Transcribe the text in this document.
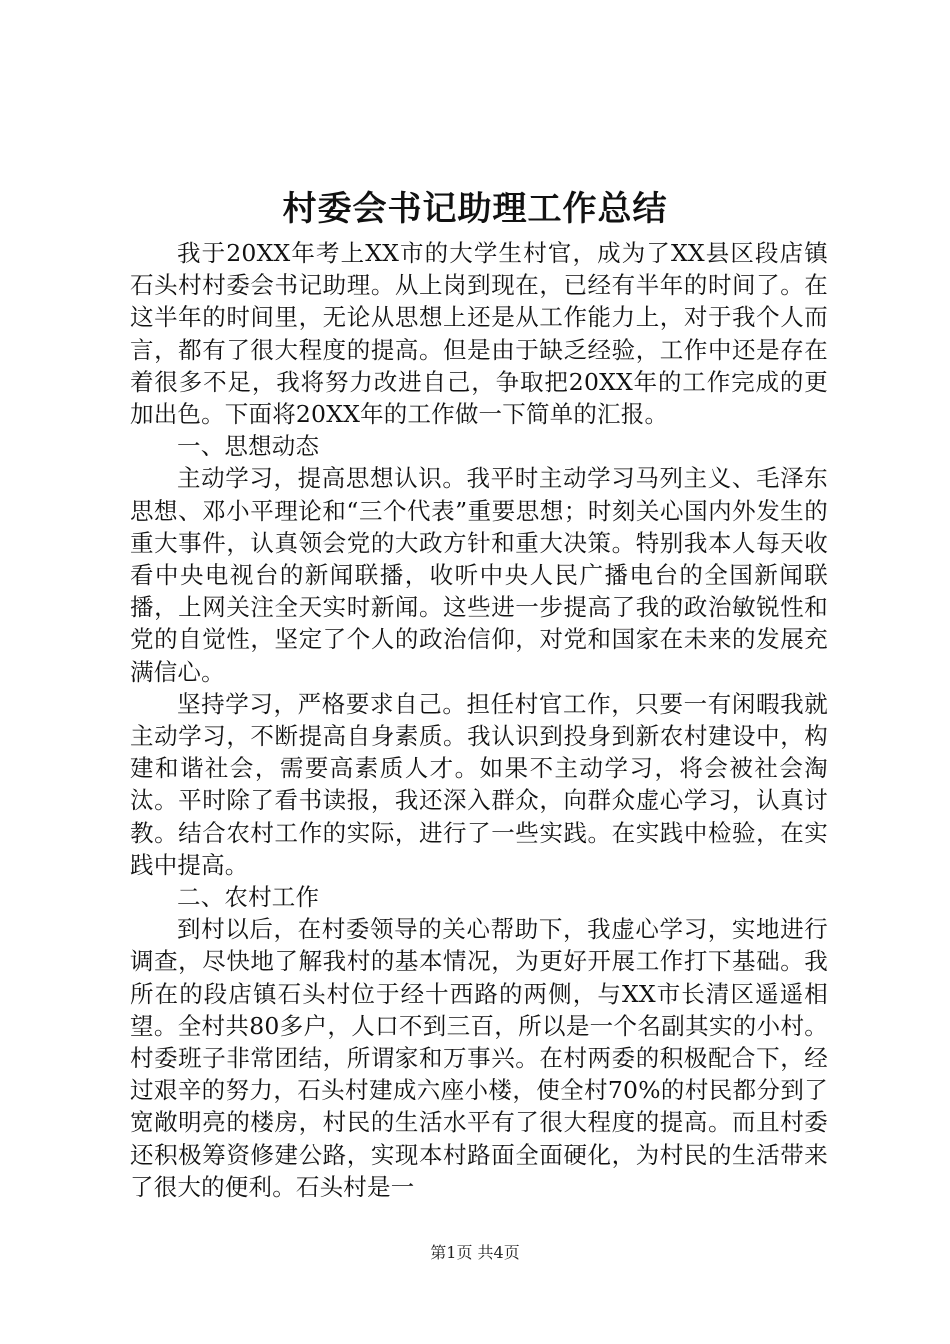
村委会书记助理工作总结

我于20XX年考上XX市的大学生村官，成为了XX县区段店镇石头村村委会书记助理。从上岗到现在，已经有半年的时间了。在这半年的时间里，无论从思想上还是从工作能力上，对于我个人而言，都有了很大程度的提高。但是由于缺乏经验，工作中还是存在着很多不足，我将努力改进自己，争取把20XX年的工作完成的更加出色。下面将20XX年的工作做一下简单的汇报。

一、思想动态

主动学习，提高思想认识。我平时主动学习马列主义、毛泽东思想、邓小平理论和“三个代表”重要思想；时刻关心国内外发生的重大事件，认真领会党的大政方针和重大决策。特别我本人每天收看中央电视台的新闻联播，收听中央人民广播电台的全国新闻联播，上网关注全天实时新闻。这些进一步提高了我的政治敏锐性和党的自觉性，坚定了个人的政治信仰，对党和国家在未来的发展充满信心。

坚持学习，严格要求自己。担任村官工作，只要一有闲暇我就主动学习，不断提高自身素质。我认识到投身到新农村建设中，构建和谐社会，需要高素质人才。如果不主动学习，将会被社会淘汰。平时除了看书读报，我还深入群众，向群众虚心学习，认真讨教。结合农村工作的实际，进行了一些实践。在实践中检验，在实践中提高。

二、农村工作

到村以后，在村委领导的关心帮助下，我虚心学习，实地进行调查，尽快地了解我村的基本情况，为更好开展工作打下基础。我所在的段店镇石头村位于经十西路的两侧，与XX市长清区遥遥相望。全村共80多户，人口不到三百，所以是一个名副其实的小村。村委班子非常团结，所谓家和万事兴。在村两委的积极配合下，经过艰辛的努力，石头村建成六座小楼，使全村70%的村民都分到了宽敞明亮的楼房，村民的生活水平有了很大程度的提高。而且村委还积极筹资修建公路，实现本村路面全面硬化，为村民的生活带来了很大的便利。石头村是一

第1页 共4页
